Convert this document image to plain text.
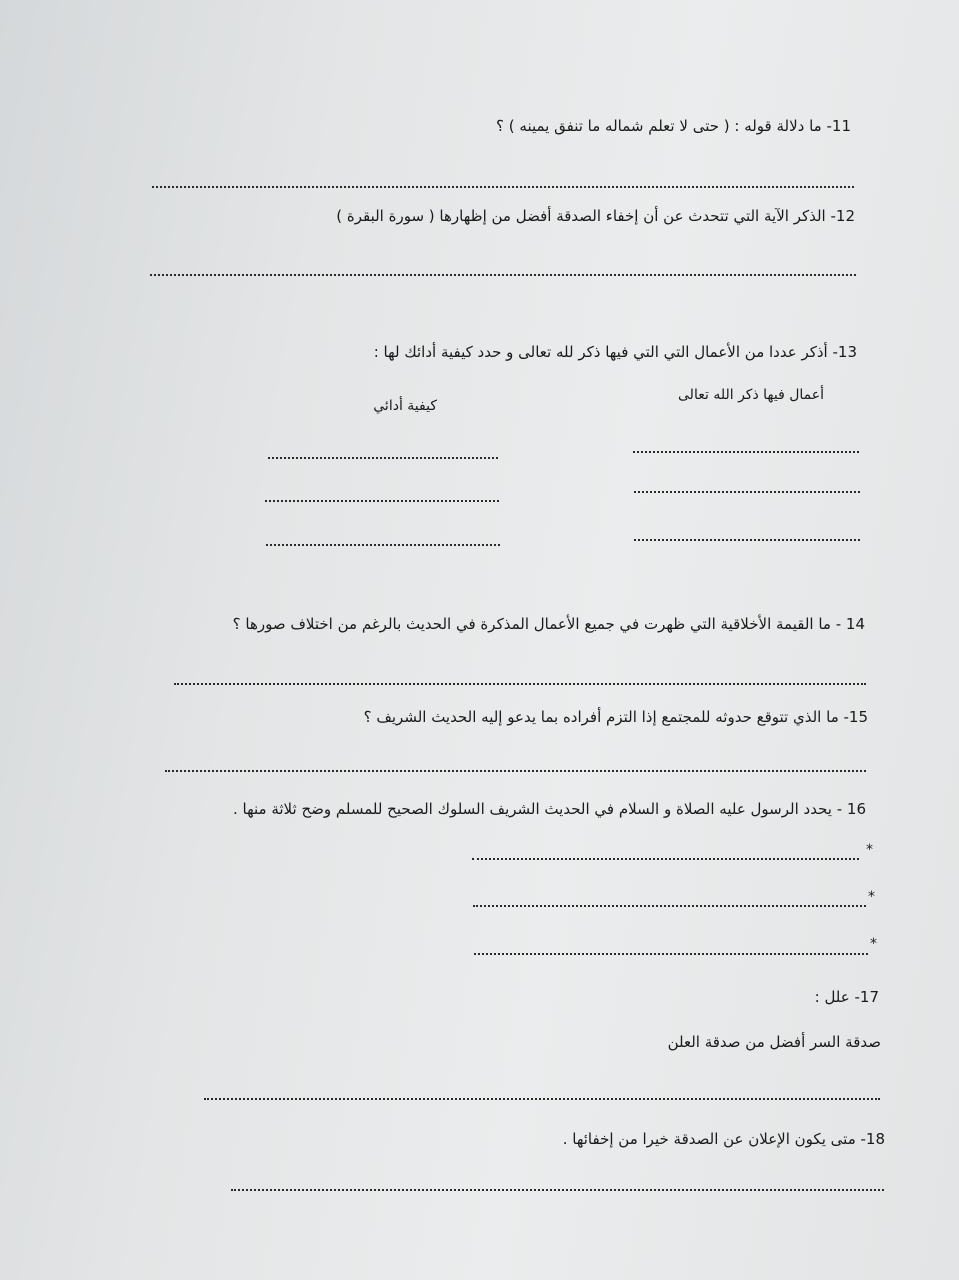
11- ما دلالة قوله : ( حتى لا تعلم شماله ما تنفق يمينه ) ؟
12- الذكر الآية التي تتحدث عن أن إخفاء الصدقة أفضل من إظهارها ( سورة البقرة )
13- أذكر عددا من الأعمال التي التي فيها ذكر لله تعالى و حدد كيفية أدائك لها :
أعمال فيها ذكر الله تعالى
كيفية أدائي
14 - ما القيمة الأخلاقية التي ظهرت في جميع الأعمال المذكرة في الحديث بالرغم من اختلاف صورها ؟
15- ما الذي تتوقع حدوثه للمجتمع إذا التزم أفراده بما يدعو إليه الحديث الشريف ؟
16 - يحدد الرسول عليه الصلاة و السلام في الحديث الشريف السلوك الصحيح للمسلم وضح ثلاثة منها .
*
*
*
17- علل :
صدقة السر أفضل من صدقة العلن
18- متى يكون الإعلان عن الصدقة خيرا من إخفائها .
